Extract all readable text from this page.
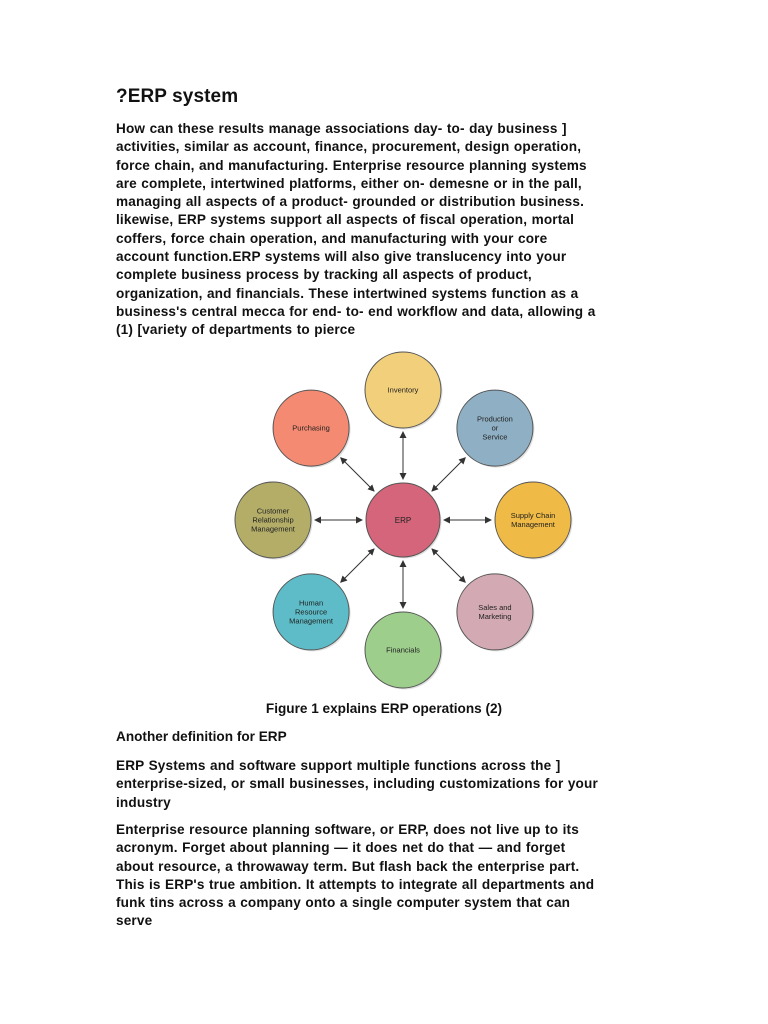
?ERP system

How can these results manage associations day- to- day business ]
activities, similar as account, finance, procurement, design operation,
force chain, and manufacturing. Enterprise resource planning systems
are complete, intertwined platforms, either on- demesne or in the pall,
managing all aspects of a product- grounded or distribution business.
likewise, ERP systems support all aspects of fiscal operation, mortal
coffers, force chain operation, and manufacturing with your core
account function.ERP systems will also give translucency into your
complete business process by tracking all aspects of product,
organization, and financials. These intertwined systems function as a
business's central mecca for end- to- end workflow and data, allowing a
(1) [variety of departments to pierce

Inventory
Production
or
Service
Supply Chain
Management
Sales and
Marketing
Financials
Human
Resource
Management
Customer
Relationship
Management
Purchasing
ERP

Figure 1 explains ERP operations (2)

Another definition for ERP

ERP Systems and software support multiple functions across the ]
enterprise-sized, or small businesses, including customizations for your
industry

Enterprise resource planning software, or ERP, does not live up to its
acronym. Forget about planning — it does net do that — and forget
about resource, a throwaway term. But flash back the enterprise part.
This is ERP's true ambition. It attempts to integrate all departments and
funk tins across a company onto a single computer system that can
serve
